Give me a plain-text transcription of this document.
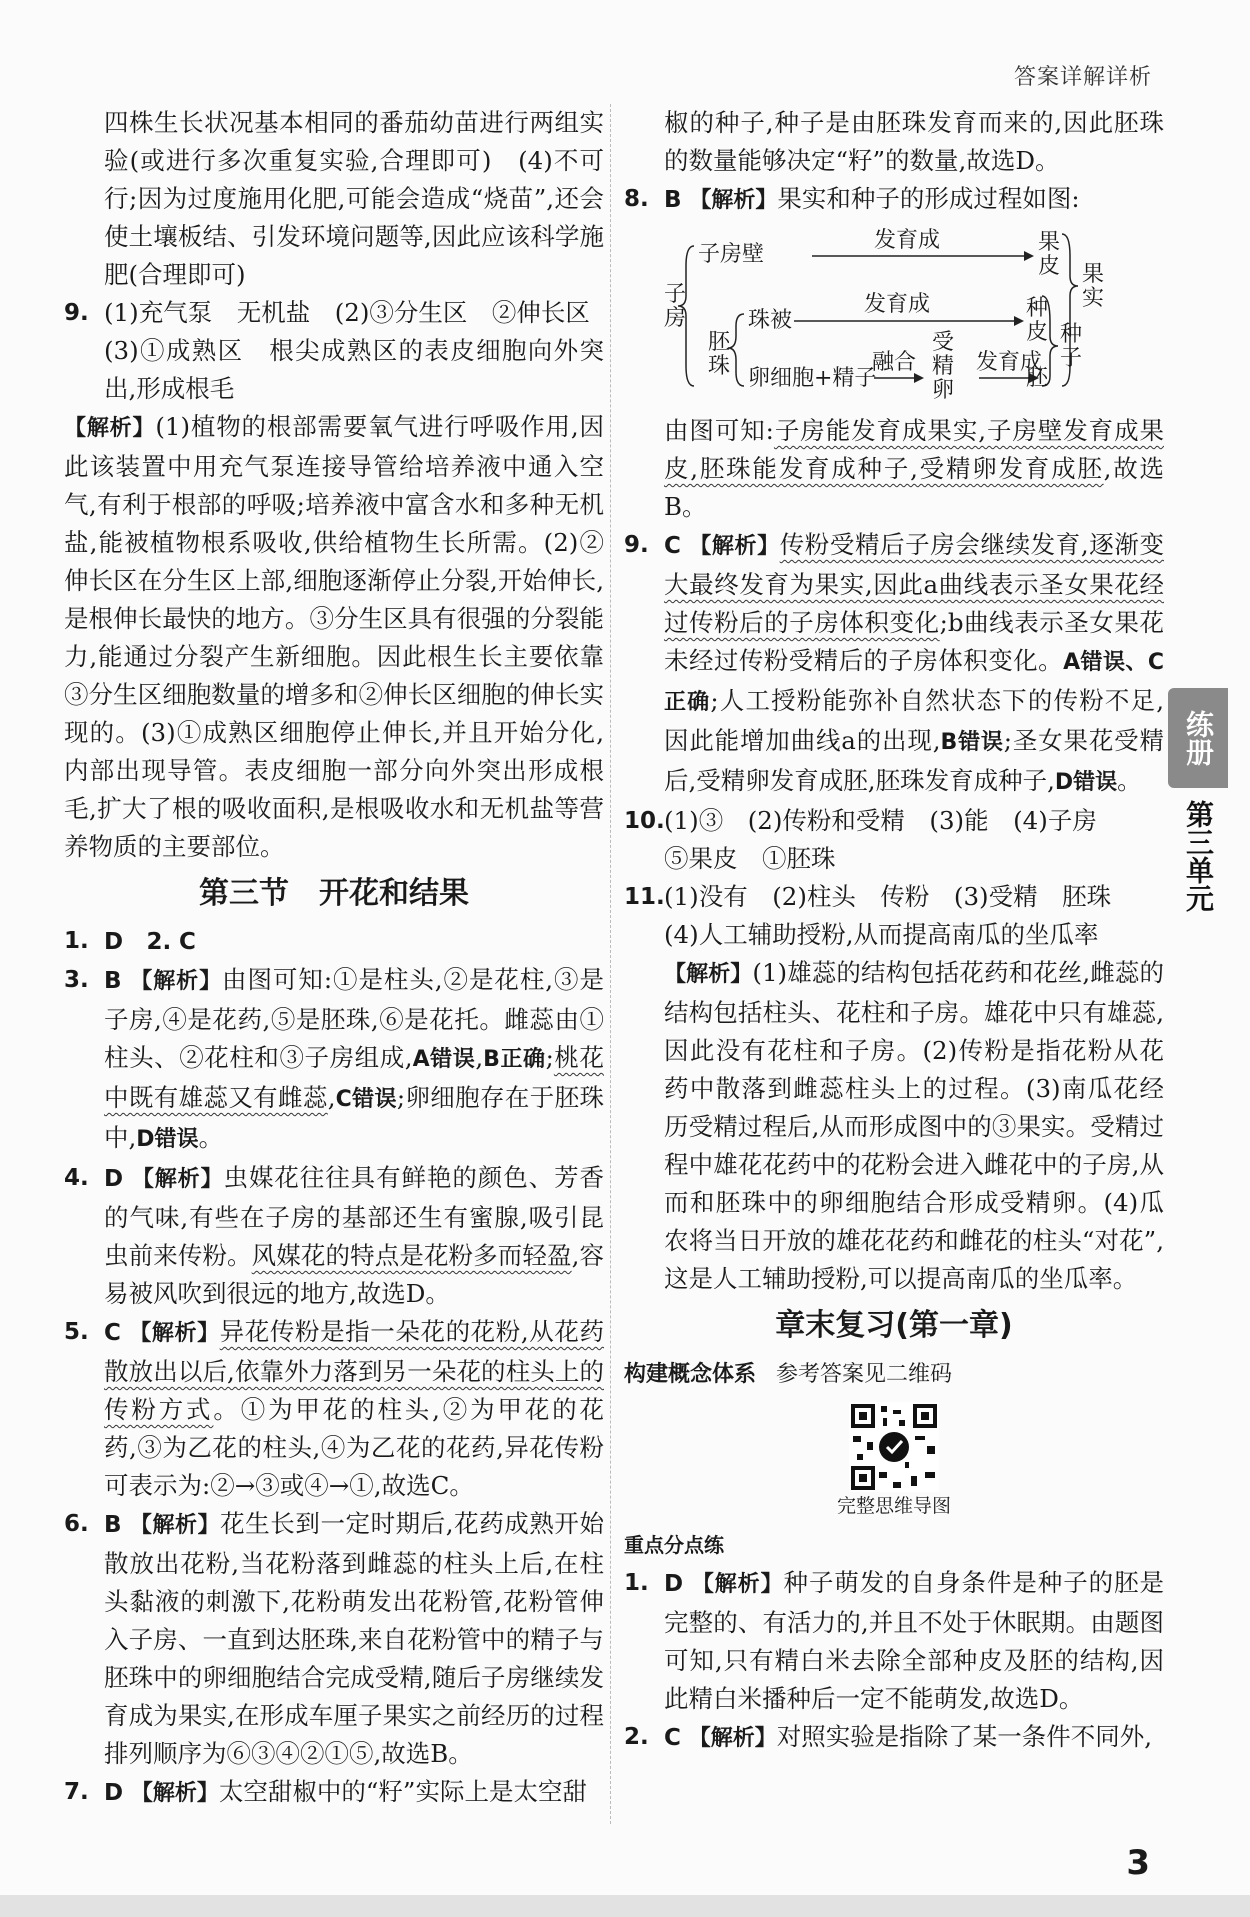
答案详解详析

四株生长状况基本相同的番茄幼苗进行两组实验(或进行多次重复实验,合理即可)　(4)不可行;因为过度施用化肥,可能会造成“烧苗”,还会使土壤板结、引发环境问题等,因此应该科学施肥(合理即可)

9. (1)充气泵　无机盐　(2)③分生区　②伸长区
(3)①成熟区　根尖成熟区的表皮细胞向外突出,形成根毛

【解析】(1)植物的根部需要氧气进行呼吸作用,因此该装置中用充气泵连接导管给培养液中通入空气,有利于根部的呼吸;培养液中富含水和多种无机盐,能被植物根系吸收,供给植物生长所需。(2)②伸长区在分生区上部,细胞逐渐停止分裂,开始伸长,是根伸长最快的地方。③分生区具有很强的分裂能力,能通过分裂产生新细胞。因此根生长主要依靠③分生区细胞数量的增多和②伸长区细胞的伸长实现的。(3)①成熟区细胞停止伸长,并且开始分化,内部出现导管。表皮细胞一部分向外突出形成根毛,扩大了根的吸收面积,是根吸收水和无机盐等营养物质的主要部位。

第三节　开花和结果
1. D 2. C
3. B 【解析】由图可知:①是柱头,②是花柱,③是子房,④是花药,⑤是胚珠,⑥是花托。雌蕊由①柱头、②花柱和③子房组成,A错误,B正确;桃花中既有雄蕊又有雌蕊,C错误;卵细胞存在于胚珠中,D错误。
4. D 【解析】虫媒花往往具有鲜艳的颜色、芳香的气味,有些在子房的基部还生有蜜腺,吸引昆虫前来传粉。风媒花的特点是花粉多而轻盈,容易被风吹到很远的地方,故选D。
5. C 【解析】异花传粉是指一朵花的花粉,从花药散放出以后,依靠外力落到另一朵花的柱头上的传粉方式。①为甲花的柱头,②为甲花的花药,③为乙花的柱头,④为乙花的花药,异花传粉可表示为:②→③或④→①,故选C。
6. B 【解析】花生长到一定时期后,花药成熟开始散放出花粉,当花粉落到雌蕊的柱头上后,在柱头黏液的刺激下,花粉萌发出花粉管,花粉管伸入子房、一直到达胚珠,来自花粉管中的精子与胚珠中的卵细胞结合完成受精,随后子房继续发育成为果实,在形成车厘子果实之前经历的过程排列顺序为⑥③④②①⑤,故选B。
7. D 【解析】太空甜椒中的“籽”实际上是太空甜

椒的种子,种子是由胚珠发育而来的,因此胚珠的数量能够决定“籽”的数量,故选D。

8. B 【解析】果实和种子的形成过程如图:
子
房
胚
珠
子房壁
珠被
卵细胞+精子
发育成
发育成
发育成
融合
受
精
卵
果
皮
种
皮
胚
种
子
果
实
由图可知:子房能发育成果实,子房壁发育成果皮,胚珠能发育成种子,受精卵发育成胚,故选B。
9. C 【解析】传粉受精后子房会继续发育,逐渐变大最终发育为果实,因此a曲线表示圣女果花经过传粉后的子房体积变化;b曲线表示圣女果花未经过传粉受精后的子房体积变化。A错误、C正确;人工授粉能弥补自然状态下的传粉不足,因此能增加曲线a的出现,B错误;圣女果花受精后,受精卵发育成胚,胚珠发育成种子,D错误。
10. (1)③　(2)传粉和受精　(3)能　(4)子房
⑤果皮　①胚珠
11. (1)没有　(2)柱头　传粉　(3)受精　胚珠
(4)人工辅助授粉,从而提高南瓜的坐瓜率
【解析】(1)雄蕊的结构包括花药和花丝,雌蕊的结构包括柱头、花柱和子房。雄花中只有雄蕊,因此没有花柱和子房。(2)传粉是指花粉从花药中散落到雌蕊柱头上的过程。(3)南瓜花经历受精过程后,从而形成图中的③果实。受精过程中雄花花药中的花粉会进入雌花中的子房,从而和胚珠中的卵细胞结合形成受精卵。(4)瓜农将当日开放的雄花花药和雌花的柱头“对花”,这是人工辅助授粉,可以提高南瓜的坐瓜率。
章末复习(第一章)
构建概念体系 参考答案见二维码
完整思维导图
重点分点练
1. D 【解析】种子萌发的自身条件是种子的胚是完整的、有活力的,并且不处于休眠期。由题图可知,只有精白米去除全部种皮及胚的结构,因此精白米播种后一定不能萌发,故选D。
2. C 【解析】对照实验是指除了某一条件不同外,
练册
第三单元
3
